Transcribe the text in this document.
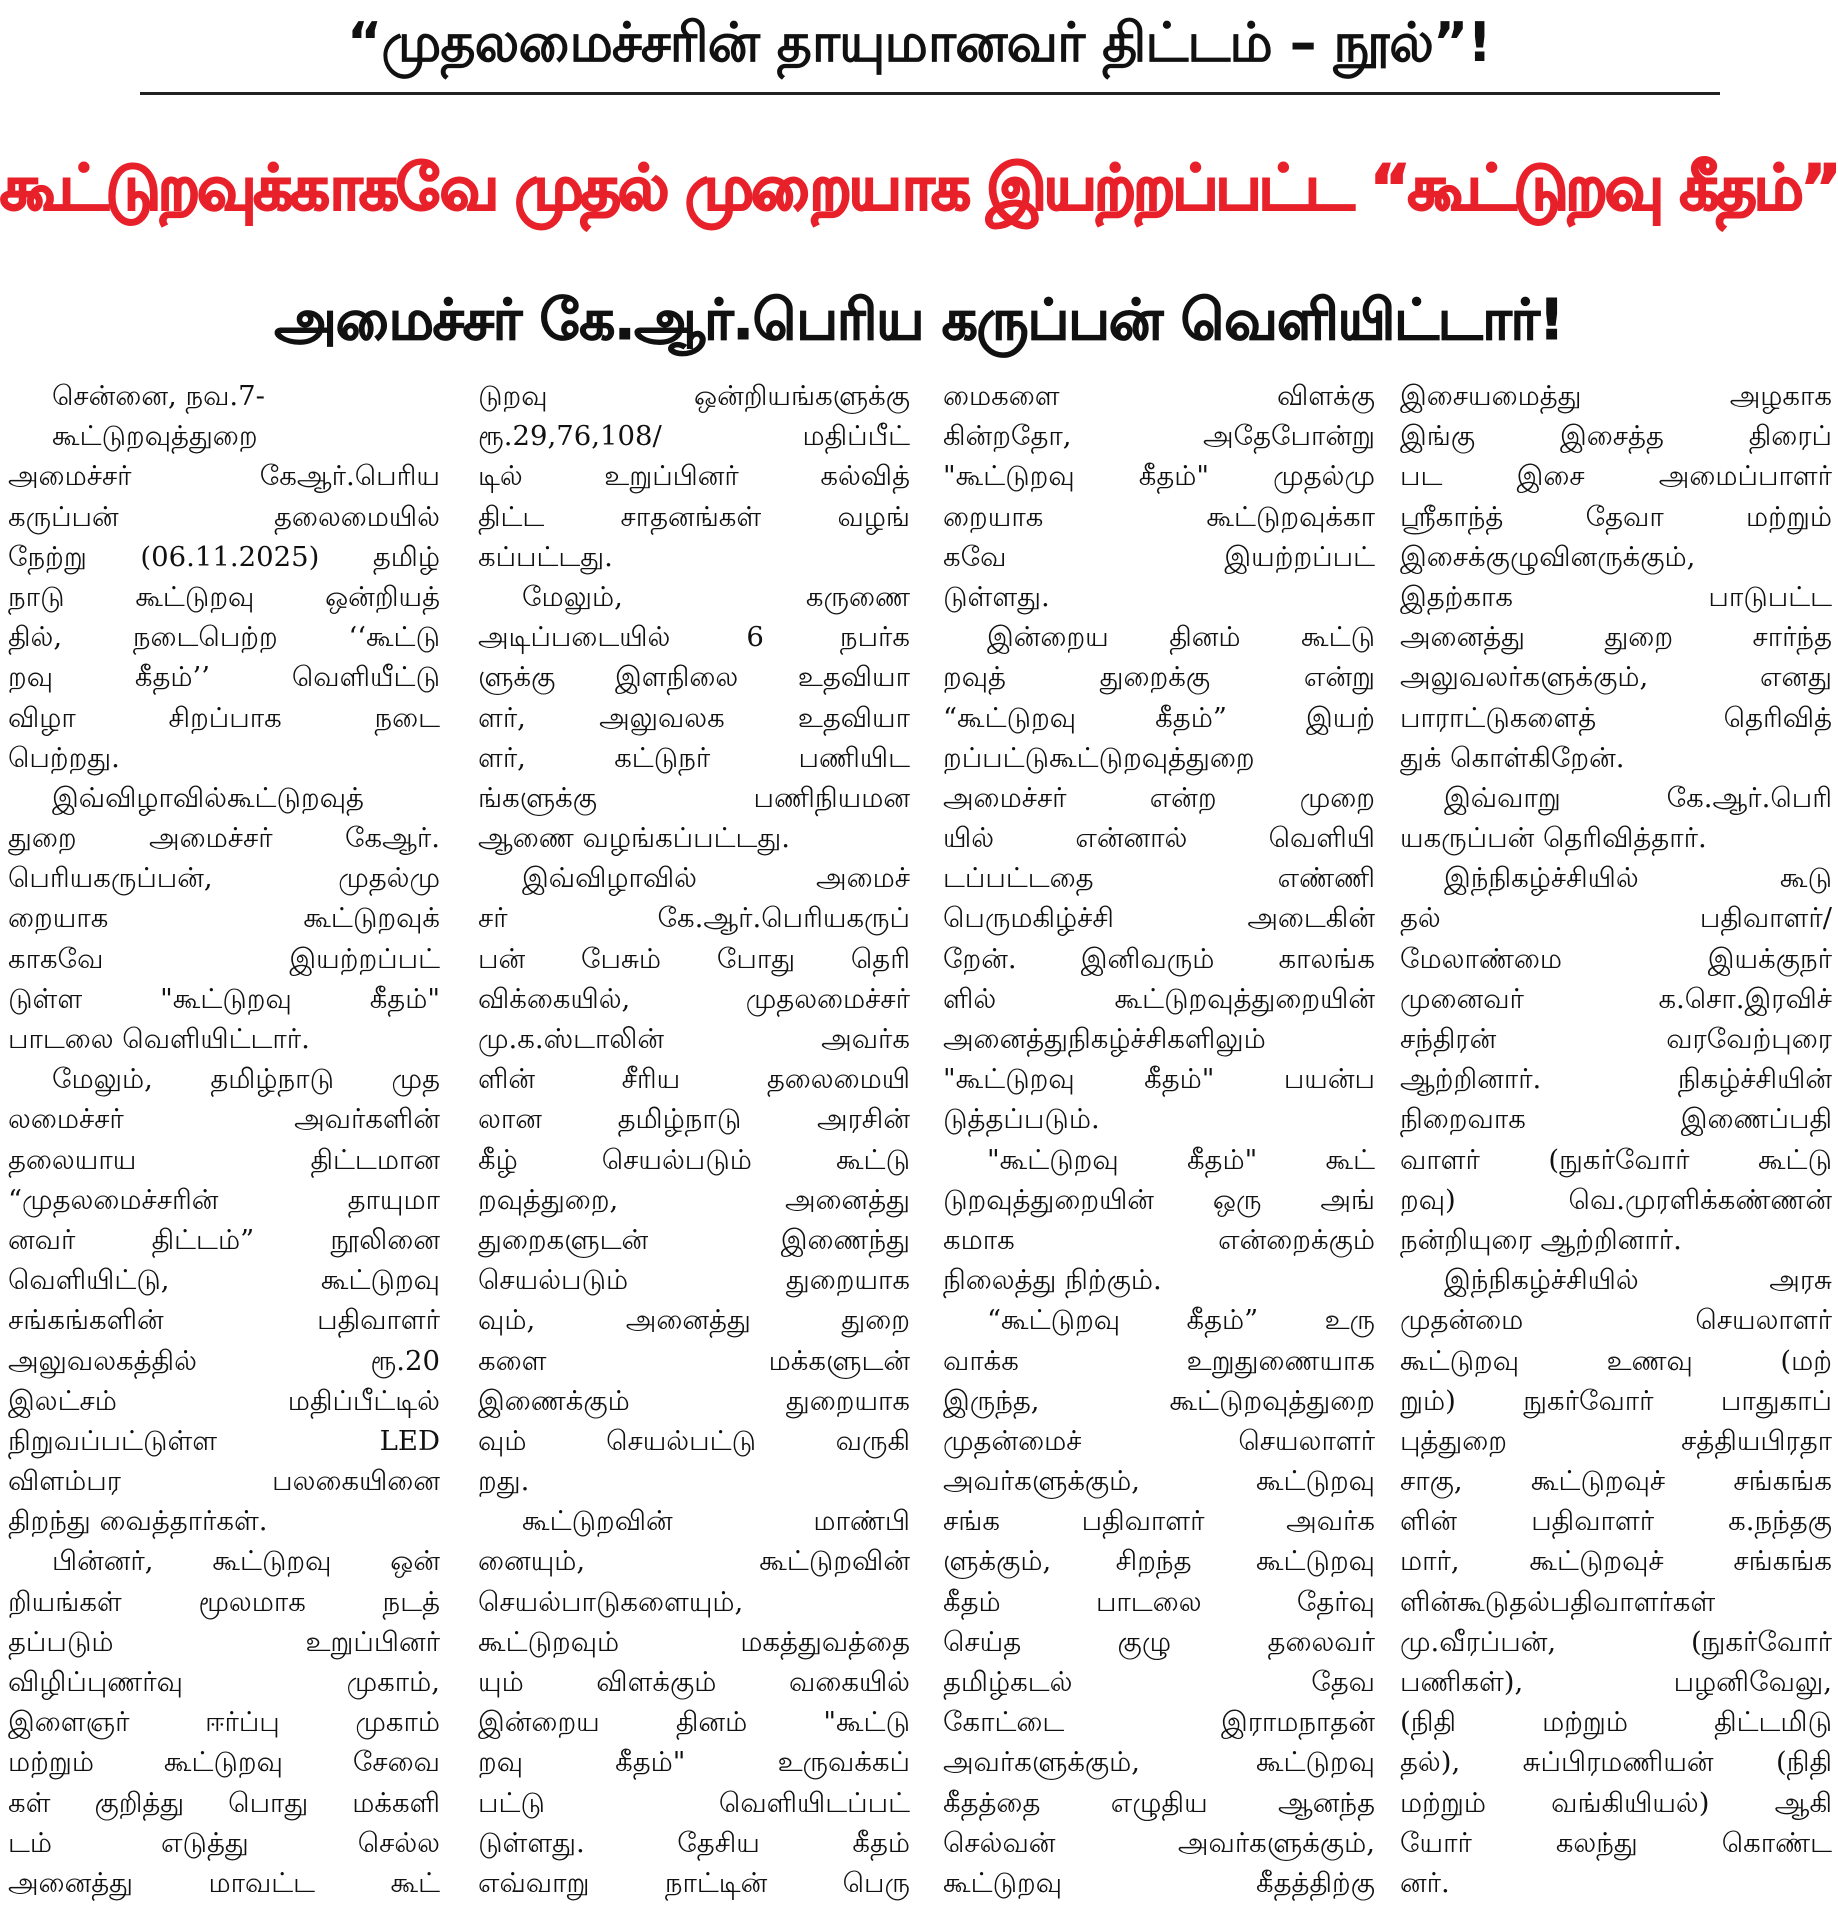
“முதலமைச்சரின் தாயுமானவர் திட்டம் – நூல்”!
கூட்டுறவுக்காகவே முதல் முறையாக இயற்றப்பட்ட “கூட்டுறவு கீதம்”
அமைச்சர் கே.ஆர்.பெரிய கருப்பன் வெளியிட்டார்!
சென்னை, நவ.7-
கூட்டுறவுத்துறை
அமைச்சர் கேஆர்.பெரிய
கருப்பன் தலைமையில்
நேற்று (06.11.2025) தமிழ்
நாடு கூட்டுறவு ஒன்றியத்
தில், நடைபெற்ற ‘‘கூட்டு
றவு கீதம்’’ வெளியீட்டு
விழா சிறப்பாக நடை
பெற்றது.
இவ்விழாவில்கூட்டுறவுத்
துறை அமைச்சர் கேஆர்.
பெரியகருப்பன், முதல்மு
றையாக கூட்டுறவுக்
காகவே இயற்றப்பட்
டுள்ள "கூட்டுறவு கீதம்"
பாடலை வெளியிட்டார்.
மேலும், தமிழ்நாடு முத
லமைச்சர் அவர்களின்
தலையாய திட்டமான
“முதலமைச்சரின் தாயுமா
னவர் திட்டம்” நூலினை
வெளியிட்டு, கூட்டுறவு
சங்கங்களின் பதிவாளர்
அலுவலகத்தில் ரூ.20
இலட்சம் மதிப்பீட்டில்
நிறுவப்பட்டுள்ள LED
விளம்பர பலகையினை
திறந்து வைத்தார்கள்.
பின்னர், கூட்டுறவு ஒன்
றியங்கள் மூலமாக நடத்
தப்படும் உறுப்பினர்
விழிப்புணர்வு முகாம்,
இளைஞர் ஈர்ப்பு முகாம்
மற்றும் கூட்டுறவு சேவை
கள் குறித்து பொது மக்களி
டம் எடுத்து செல்ல
அனைத்து மாவட்ட கூட்
டுறவு ஒன்றியங்களுக்கு
ரூ.29,76,108/ மதிப்பீட்
டில் உறுப்பினர் கல்வித்
திட்ட சாதனங்கள் வழங்
கப்பட்டது.
மேலும், கருணை
அடிப்படையில் 6 நபர்க
ளுக்கு இளநிலை உதவியா
ளர், அலுவலக உதவியா
ளர், கட்டுநர் பணியிட
ங்களுக்கு பணிநியமன
ஆணை வழங்கப்பட்டது.
இவ்விழாவில் அமைச்
சர் கே.ஆர்.பெரியகருப்
பன் பேசும் போது தெரி
விக்கையில், முதலமைச்சர்
மு.க.ஸ்டாலின் அவர்க
ளின் சீரிய தலைமையி
லான தமிழ்நாடு அரசின்
கீழ் செயல்படும் கூட்டு
றவுத்துறை, அனைத்து
துறைகளுடன் இணைந்து
செயல்படும் துறையாக
வும், அனைத்து துறை
களை மக்களுடன்
இணைக்கும் துறையாக
வும் செயல்பட்டு வருகி
றது.
கூட்டுறவின் மாண்பி
னையும், கூட்டுறவின்
செயல்பாடுகளையும்,
கூட்டுறவும் மகத்துவத்தை
யும் விளக்கும் வகையில்
இன்றைய தினம் "கூட்டு
றவு கீதம்" உருவக்கப்
பட்டு வெளியிடப்பட்
டுள்ளது. தேசிய கீதம்
எவ்வாறு நாட்டின் பெரு
மைகளை விளக்கு
கின்றதோ, அதேபோன்று
"கூட்டுறவு கீதம்" முதல்மு
றையாக கூட்டுறவுக்கா
கவே இயற்றப்பட்
டுள்ளது.
இன்றைய தினம் கூட்டு
றவுத் துறைக்கு என்று
“கூட்டுறவு கீதம்” இயற்
றப்பட்டுகூட்டுறவுத்துறை
அமைச்சர் என்ற முறை
யில் என்னால் வெளியி
டப்பட்டதை எண்ணி
பெருமகிழ்ச்சி அடைகின்
றேன். இனிவரும் காலங்க
ளில் கூட்டுறவுத்துறையின்
அனைத்துநிகழ்ச்சிகளிலும்
"கூட்டுறவு கீதம்" பயன்ப
டுத்தப்படும்.
"கூட்டுறவு கீதம்" கூட்
டுறவுத்துறையின் ஒரு அங்
கமாக என்றைக்கும்
நிலைத்து நிற்கும்.
“கூட்டுறவு கீதம்” உரு
வாக்க உறுதுணையாக
இருந்த, கூட்டுறவுத்துறை
முதன்மைச் செயலாளர்
அவர்களுக்கும், கூட்டுறவு
சங்க பதிவாளர் அவர்க
ளுக்கும், சிறந்த கூட்டுறவு
கீதம் பாடலை தேர்வு
செய்த குழு தலைவர்
தமிழ்கடல் தேவ
கோட்டை இராமநாதன்
அவர்களுக்கும், கூட்டுறவு
கீதத்தை எழுதிய ஆனந்த
செல்வன் அவர்களுக்கும்,
கூட்டுறவு கீதத்திற்கு
இசையமைத்து அழகாக
இங்கு இசைத்த திரைப்
பட இசை அமைப்பாளர்
ஸ்ரீகாந்த் தேவா மற்றும்
இசைக்குழுவினருக்கும்,
இதற்காக பாடுபட்ட
அனைத்து துறை சார்ந்த
அலுவலர்களுக்கும், எனது
பாராட்டுகளைத் தெரிவித்
துக் கொள்கிறேன்.
இவ்வாறு கே.ஆர்.பெரி
யகருப்பன் தெரிவித்தார்.
இந்நிகழ்ச்சியில் கூடு
தல் பதிவாளர்/
மேலாண்மை இயக்குநர்
முனைவர் க.சொ.இரவிச்
சந்திரன் வரவேற்புரை
ஆற்றினார். நிகழ்ச்சியின்
நிறைவாக இணைப்பதி
வாளர் (நுகர்வோர் கூட்டு
றவு) வெ.முரளிக்கண்ணன்
நன்றியுரை ஆற்றினார்.
இந்நிகழ்ச்சியில் அரசு
முதன்மை செயலாளர்
கூட்டுறவு உணவு (மற்
றும்) நுகர்வோர் பாதுகாப்
புத்துறை சத்தியபிரதா
சாகு, கூட்டுறவுச் சங்கங்க
ளின் பதிவாளர் க.நந்தகு
மார், கூட்டுறவுச் சங்கங்க
ளின்கூடுதல்பதிவாளர்கள்
மு.வீரப்பன், (நுகர்வோர்
பணிகள்), பழனிவேலு,
(நிதி மற்றும் திட்டமிடு
தல்), சுப்பிரமணியன் (நிதி
மற்றும் வங்கியியல்) ஆகி
யோர் கலந்து கொண்ட
னர்.
